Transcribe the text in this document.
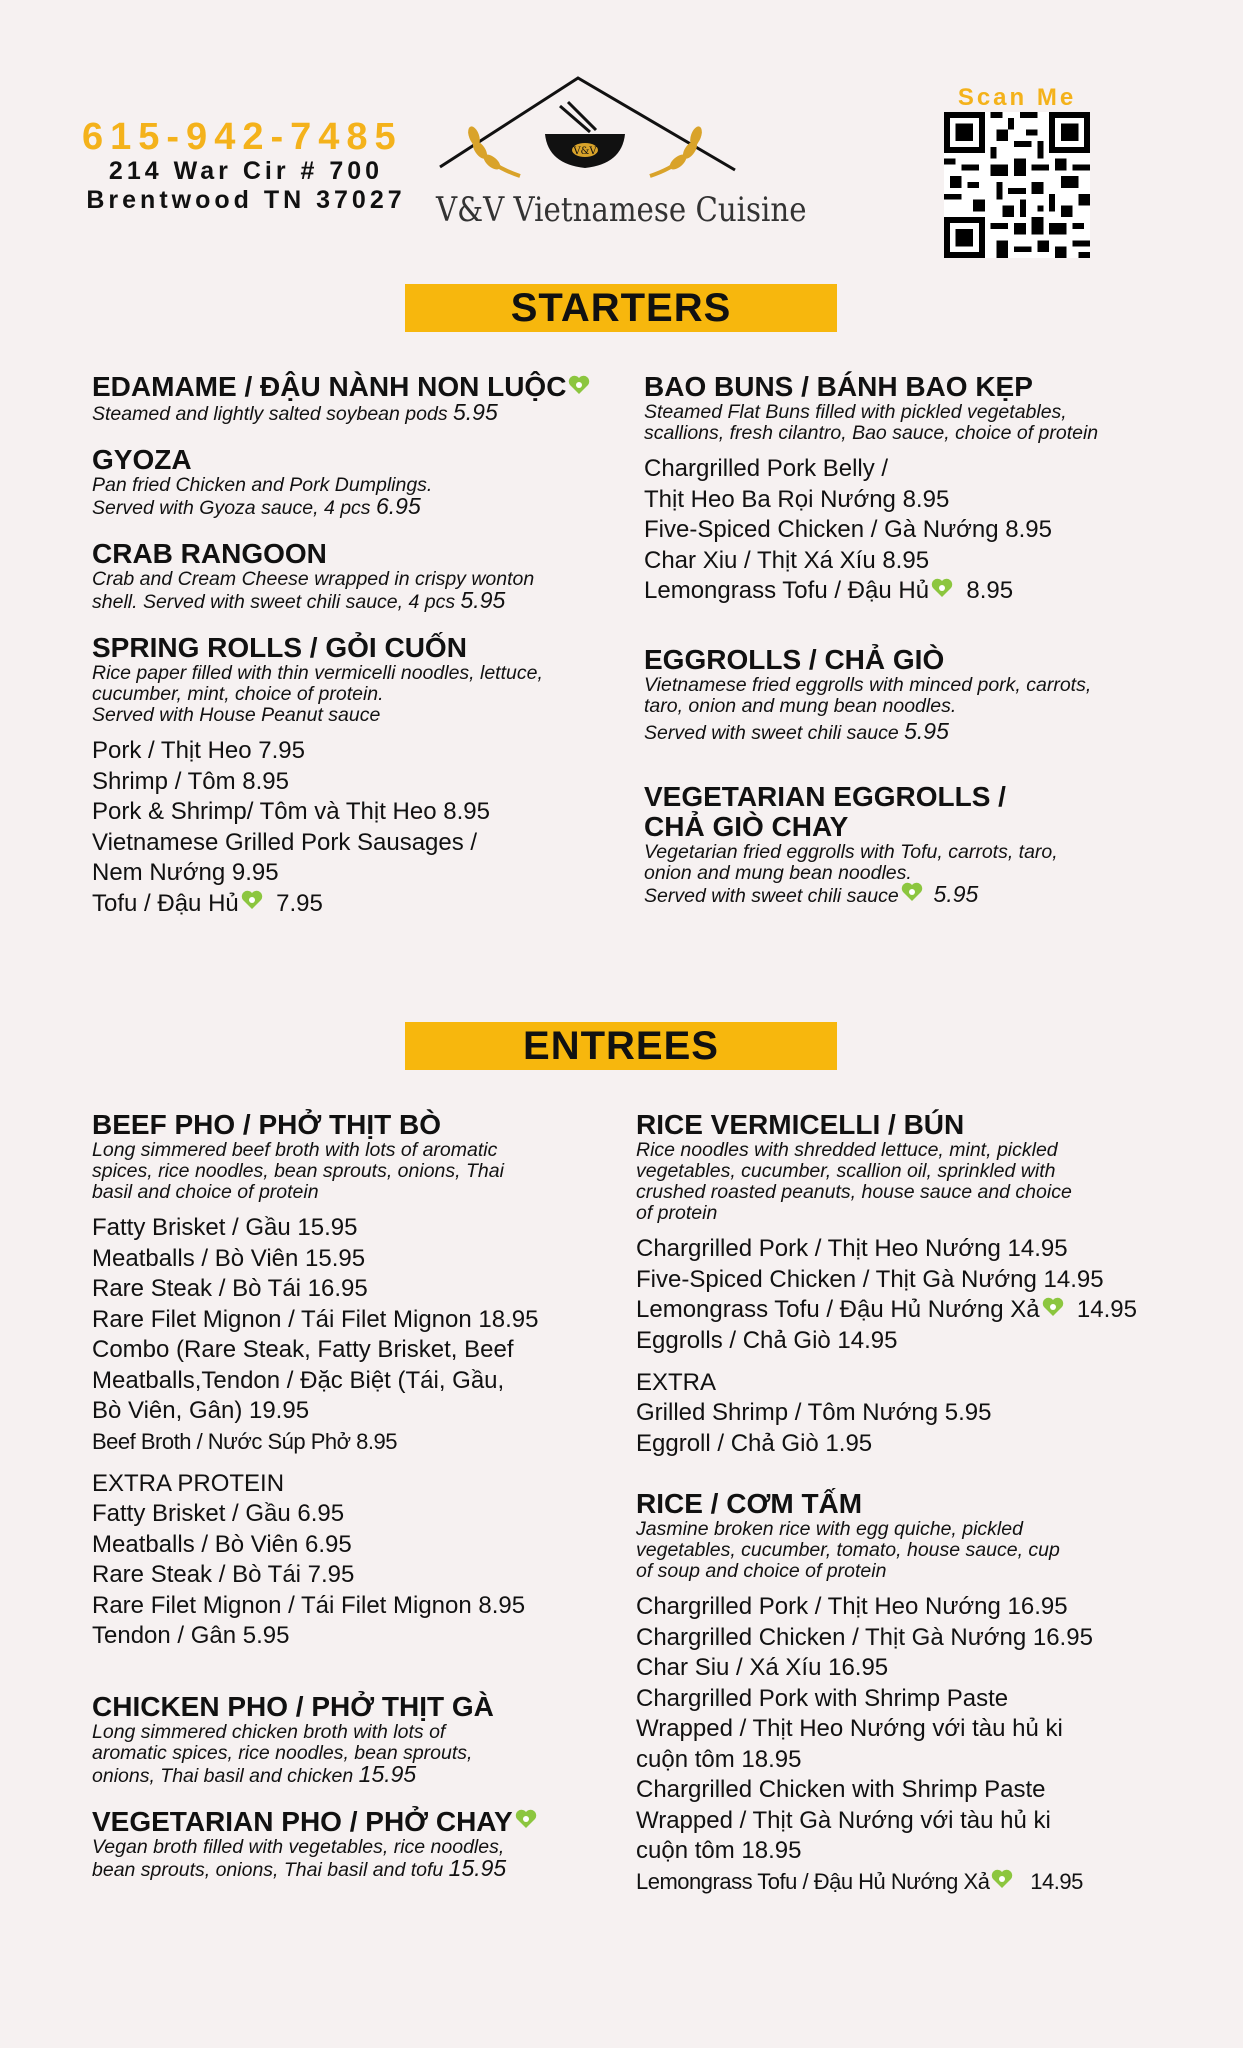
615-942-7485
214 War Cir # 700
Brentwood TN 37027
V&V
V&V Vietnamese Cuisine
Scan Me
STARTERS
EDAMAME / ĐẬU NÀNH NON LUỘC
Steamed and lightly salted soybean pods 5.95
GYOZA
Pan fried Chicken and Pork Dumplings.
Served with Gyoza sauce, 4 pcs 6.95
CRAB RANGOON
Crab and Cream Cheese wrapped in crispy wonton
shell. Served with sweet chili sauce, 4 pcs 5.95
SPRING ROLLS / GỎI CUỐN
Rice paper filled with thin vermicelli noodles, lettuce,
cucumber, mint, choice of protein.
Served with House Peanut sauce
Pork / Thịt Heo 7.95
Shrimp / Tôm 8.95
Pork & Shrimp/ Tôm và Thịt Heo 8.95
Vietnamese Grilled Pork Sausages /
Nem Nướng 9.95
Tofu / Đậu Hủ 7.95
BAO BUNS / BÁNH BAO KẸP
Steamed Flat Buns filled with pickled vegetables,
scallions, fresh cilantro, Bao sauce, choice of protein
Chargrilled Pork Belly /
Thịt Heo Ba Rọi Nướng 8.95
Five-Spiced Chicken / Gà Nướng 8.95
Char Xiu / Thịt Xá Xíu 8.95
Lemongrass Tofu / Đậu Hủ 8.95
EGGROLLS / CHẢ GIÒ
Vietnamese fried eggrolls with minced pork, carrots,
taro, onion and mung bean noodles.
Served with sweet chili sauce 5.95
VEGETARIAN EGGROLLS /
CHẢ GIÒ CHAY
Vegetarian fried eggrolls with Tofu, carrots, taro,
onion and mung bean noodles.
Served with sweet chili sauce 5.95
ENTREES
BEEF PHO / PHỞ THỊT BÒ
Long simmered beef broth with lots of aromatic
spices, rice noodles, bean sprouts, onions, Thai
basil and choice of protein
Fatty Brisket / Gầu 15.95
Meatballs / Bò Viên 15.95
Rare Steak / Bò Tái 16.95
Rare Filet Mignon / Tái Filet Mignon 18.95
Combo (Rare Steak, Fatty Brisket, Beef
Meatballs,Tendon / Đặc Biệt (Tái, Gầu,
Bò Viên, Gân) 19.95
Beef Broth / Nước Súp Phở 8.95
EXTRA PROTEIN
Fatty Brisket / Gầu 6.95
Meatballs / Bò Viên 6.95
Rare Steak / Bò Tái 7.95
Rare Filet Mignon / Tái Filet Mignon 8.95
Tendon / Gân 5.95
CHICKEN PHO / PHỞ THỊT GÀ
Long simmered chicken broth with lots of
aromatic spices, rice noodles, bean sprouts,
onions, Thai basil and chicken 15.95
VEGETARIAN PHO / PHỞ CHAY
Vegan broth filled with vegetables, rice noodles,
bean sprouts, onions, Thai basil and tofu 15.95
RICE VERMICELLI / BÚN
Rice noodles with shredded lettuce, mint, pickled
vegetables, cucumber, scallion oil, sprinkled with
crushed roasted peanuts, house sauce and choice
of protein
Chargrilled Pork / Thịt Heo Nướng 14.95
Five-Spiced Chicken / Thịt Gà Nướng 14.95
Lemongrass Tofu / Đậu Hủ Nướng Xả 14.95
Eggrolls / Chả Giò 14.95
EXTRA
Grilled Shrimp / Tôm Nướng 5.95
Eggroll / Chả Giò 1.95
RICE / CƠM TẤM
Jasmine broken rice with egg quiche, pickled
vegetables, cucumber, tomato, house sauce, cup
of soup and choice of protein
Chargrilled Pork / Thịt Heo Nướng 16.95
Chargrilled Chicken / Thịt Gà Nướng 16.95
Char Siu / Xá Xíu 16.95
Chargrilled Pork with Shrimp Paste
Wrapped / Thịt Heo Nướng với tàu hủ ki
cuộn tôm 18.95
Chargrilled Chicken with Shrimp Paste
Wrapped / Thịt Gà Nướng với tàu hủ ki
cuộn tôm 18.95
Lemongrass Tofu / Đậu Hủ Nướng Xả 14.95
